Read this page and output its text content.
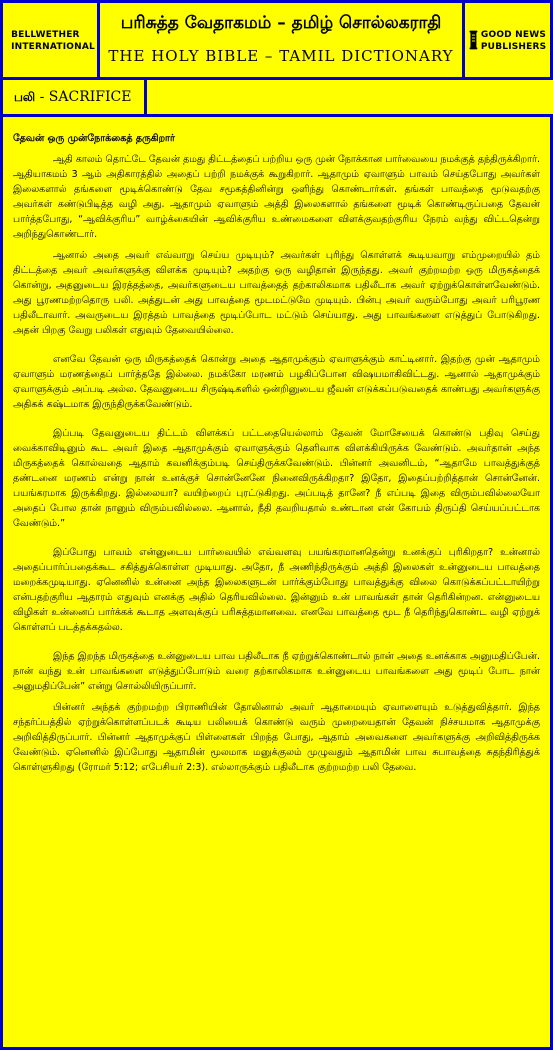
BELLWETHER INTERNATIONAL
பரிசுத்த வேதாகமம் – தமிழ் சொல்லகராதி
THE HOLY BIBLE – TAMIL DICTIONARY
GOOD NEWS PUBLISHERS
பலி - SACRIFICE
தேவன் ஒரு முன்நோக்கைத் தருகிறார்

ஆதி காலம் தொட்டே தேவன் தமது திட்டத்தைப் பற்றிய ஒரு முன் நோக்கான பார்வையை நமக்குத் தந்திருக்கிறார். ஆதியாகமம் 3 ஆம் அதிகாரத்தில் அதைப் பற்றி நமக்குக் கூறுகிறார். ஆதாமும் ஏவாளும் பாவம் செய்தபோது அவர்கள் இலைகளால் தங்களை மூடிக்கொண்டு தேவ சமூகத்தினின்று ஒளிந்து கொண்டார்கள். தங்கள் பாவத்தை மூடுவதற்கு அவர்கள் கண்டுபிடித்த வழி அது. ஆதாமும் ஏவாளும் அத்தி இலைகளால் தங்களை மூடிக் கொண்டிருப்பதை தேவன் பார்த்தபோது, “ஆவிக்குரிய” வாழ்க்கையின் ஆவிக்குரிய உண்மைகளை விளக்குவதற்குரிய நேரம் வந்து விட்டதென்று அறிந்துகொண்டார்.

ஆனால் அதை அவர் எவ்வாறு செய்ய முடியும்? அவர்கள் புரிந்து கொள்ளக் கூடியவாறு எம்முறையில் தம் திட்டத்தை அவர் அவர்களுக்கு விளக்க முடியும்? அதற்கு ஒரு வழிதான் இருந்தது. அவர் குற்றமற்ற ஒரு மிருகத்தைக் கொன்று, அதனுடைய இரத்தத்தை, அவர்களுடைய பாவத்தைத் தற்காலிகமாக பதிலீடாக அவர் ஏற்றுக்கொள்ளவேண்டும். அது பூரணமற்றதொரு பலி. அத்துடன் அது பாவத்தை மூடமட்டுமே முடியும். பின்பு அவர் வரும்போது அவர் பரிபூரண பதிலீடாவார். அவருடைய இரத்தம் பாவத்தை மூடிப்போட மட்டும் செய்யாது. அது பாவங்களை எடுத்துப் போடுகிறது. அதன் பிறகு வேறு பலிகள் எதுவும் தேவையில்லை.

எனவே தேவன் ஒரு மிருகத்தைக் கொன்று அதை ஆதாமுக்கும் ஏவாளுக்கும் காட்டினார். இதற்கு முன் ஆதாமும் ஏவாளும் மரணத்தைப் பார்த்ததே இல்லை. நமக்கோ மரணம் பழகிப்போன விஷயமாகிவிட்டது. ஆனால் ஆதாமுக்கும் ஏவாளுக்கும் அப்படி அல்ல. தேவனுடைய சிருஷ்டிகளில் ஒன்றினுடைய ஜீவன் எடுக்கப்படுவதைக் காண்பது அவர்களுக்கு அதிகக் கஷ்டமாக இருந்திருக்கவேண்டும்.

இப்படி தேவனுடைய திட்டம் விளக்கப் பட்டதையெல்லாம் தேவன் மோசேயைக் கொண்டு பதிவு செய்து வைக்காவிடினும் கூட அவர் இதை ஆதாமுக்கும் ஏவாளுக்கும் தெளிவாக விளக்கியிருக்க வேண்டும். அவர்தான் அந்த மிருகத்தைக் கொல்வதை ஆதாம் கவனிக்கும்படி செய்திருக்கவேண்டும். பின்னர் அவனிடம், “ஆதாமே பாவத்துக்குத் தண்டனை மரணம் என்று நான் உனக்குச் சொன்னேனே நினைவிருக்கிறதா? இதோ, இதைப்பற்றித்தான் சொன்னேன். பயங்கரமாக இருக்கிறது. இல்லையா? வயிற்றைப் புரட்டுகிறது. அப்படித் தானே? நீ எப்படி இதை விரும்பவில்லையோ அதைப் போல தான் நானும் விரும்பவில்லை. ஆனால், நீதி தவறியதால் உண்டான என் கோபம் திருப்தி செய்யப்பட்டாக வேண்டும்.”

இப்போது பாவம் என்னுடைய பார்வையில் எவ்வளவு பயங்கரமானதென்று உனக்குப் புரிகிறதா? உன்னால் அதைப்பார்ப்பதைக்கூட சகித்துக்கொள்ள முடியாது. அதோ, நீ அணிந்திருக்கும் அத்தி இலைகள் உன்னுடைய பாவத்தை மறைக்கமுடியாது. ஏனெனில் உன்னை அந்த இலைகளுடன் பார்க்கும்போது பாவத்துக்கு விலை கொடுக்கப்பட்டாயிற்று என்பதற்குரிய ஆதாரம் எதுவும் எனக்கு அதில் தெரியவில்லை. இன்னும் உன் பாவங்கள் தான் தெரிகின்றன. என்னுடைய விழிகள் உன்னைப் பார்க்கக் கூடாத அளவுக்குப் பரிசுத்தமானவை. எனவே பாவத்தை மூட நீ தெரிந்துகொண்ட வழி ஏற்றுக் கொள்ளப் படத்தக்கதல்ல.

இந்த இறந்த மிருகத்தை உன்னுடைய பாவ பதிலீடாக நீ ஏற்றுக்கொண்டால் நான் அதை உனக்காக அனுமதிப்பேன். நான் வந்து உன் பாவங்களை எடுத்துப்போடும் வரை தற்காலிகமாக உன்னுடைய பாவங்களை அது மூடிப் போட நான் அனுமதிப்பேன்” என்று சொல்லியிருப்பார்.

பின்னர் அந்தக் குற்றமற்ற பிராணியின் தோலினால் அவர் ஆதாமையும் ஏவாளையும் உடுத்துவித்தார். இந்த சந்தர்ப்பத்தில் ஏற்றுக்கொள்ளப்படக் கூடிய பலியைக் கொண்டு வரும் முறையைதான் தேவன் நிச்சயமாக ஆதாமுக்கு அறிவித்திருப்பார். பின்னர் ஆதாமுக்குப் பிள்ளைகள் பிறந்த போது, ஆதாம் அவைகளை அவர்களுக்கு அறிவித்திருக்க வேண்டும். ஏனெனில் இப்போது ஆதாமின் மூலமாக மனுக்குலம் முழுவதும் ஆதாமின் பாவ சுபாவத்தை சுதந்திரித்துக் கொள்ளுகிறது (ரோமர் 5:12; எபேசியர் 2:3). எல்லாருக்கும் பதிலீடாக குற்றமற்ற பலி தேவை.
